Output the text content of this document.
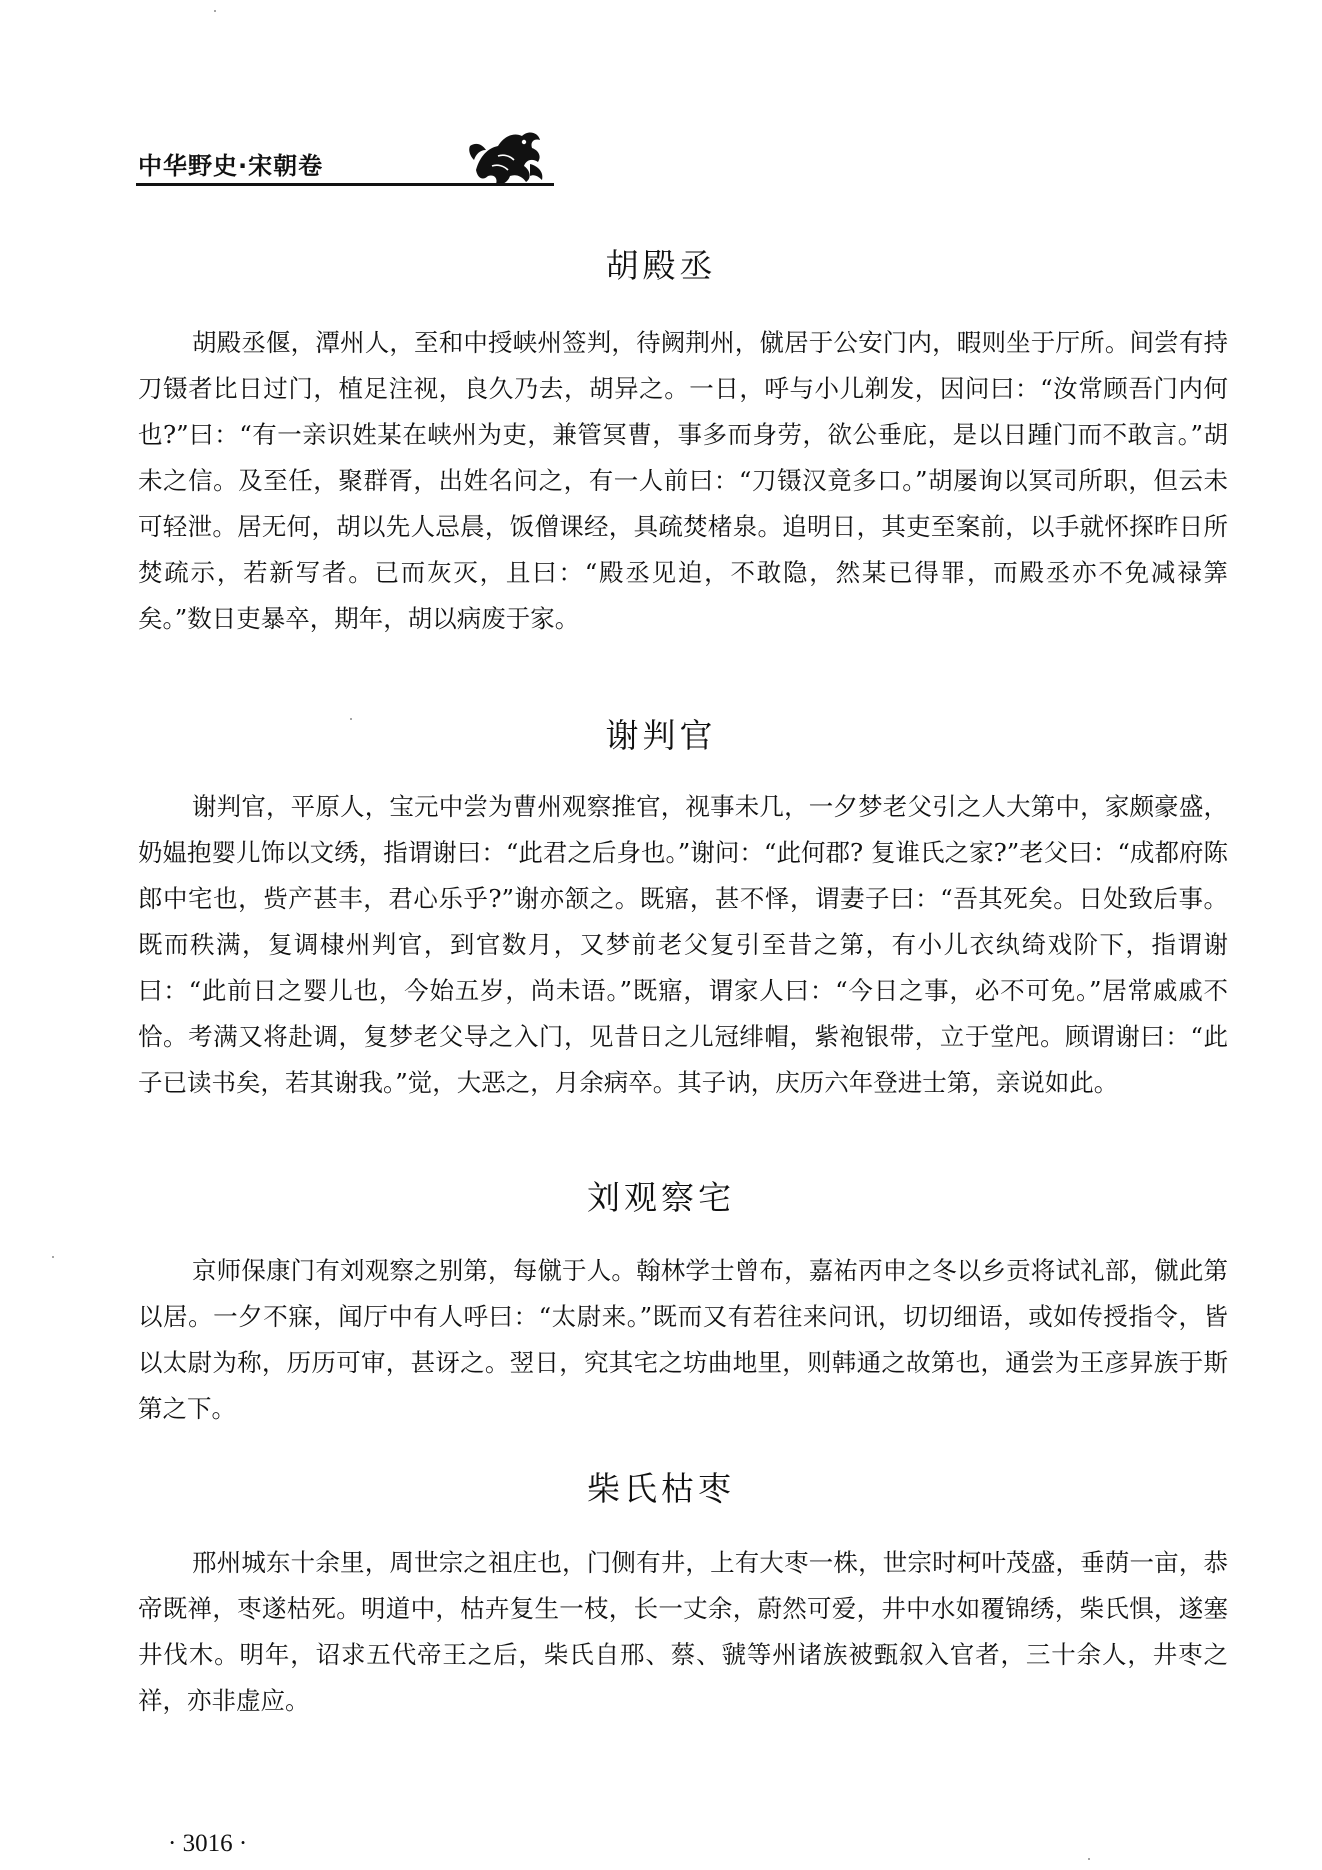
中华野史·宋朝卷
胡殿丞

胡殿丞偃，潭州人，至和中授峡州签判，待阙荆州，僦居于公安门内，暇则坐于厅所。间尝有持刀镊者比日过门，植足注视，良久乃去，胡异之。一日，呼与小儿剃发，因问曰：“汝常顾吾门内何也?”曰：“有一亲识姓某在峡州为吏，兼管冥曹，事多而身劳，欲公垂庇，是以日踵门而不敢言。”胡未之信。及至任，聚群胥，出姓名问之，有一人前曰：“刀镊汉竟多口。”胡屡询以冥司所职，但云未可轻泄。居无何，胡以先人忌晨，饭僧课经，具疏焚楮泉。追明日，其吏至案前，以手就怀探昨日所焚疏示，若新写者。已而灰灭，且曰：“殿丞见迫，不敢隐，然某已得罪，而殿丞亦不免减禄筭矣。”数日吏暴卒，期年，胡以病废于家。

谢判官

谢判官，平原人，宝元中尝为曹州观察推官，视事未几，一夕梦老父引之人大第中，家颇豪盛，奶媪抱婴儿饰以文绣，指谓谢曰：“此君之后身也。”谢问：“此何郡? 复谁氏之家?”老父曰：“成都府陈郎中宅也，赀产甚丰，君心乐乎?”谢亦颔之。既寤，甚不怿，谓妻子曰：“吾其死矣。日处致后事。既而秩满，复调棣州判官，到官数月，又梦前老父复引至昔之第，有小儿衣纨绮戏阶下，指谓谢曰：“此前日之婴儿也，今始五岁，尚未语。”既寤，谓家人曰：“今日之事，必不可免。”居常戚戚不恰。考满又将赴调，复梦老父导之入门，见昔日之儿冠绯帽，紫袍银带，立于堂戺。顾谓谢曰：“此子已读书矣，若其谢我。”觉，大恶之，月余病卒。其子讷，庆历六年登进士第，亲说如此。

刘观察宅

京师保康门有刘观察之别第，每僦于人。翰林学士曾布，嘉祐丙申之冬以乡贡将试礼部，僦此第以居。一夕不寐，闻厅中有人呼曰：“太尉来。”既而又有若往来问讯，切切细语，或如传授指令，皆以太尉为称，历历可审，甚讶之。翌日，究其宅之坊曲地里，则韩通之故第也，通尝为王彦昇族于斯第之下。

柴氏枯枣

邢州城东十余里，周世宗之祖庄也，门侧有井，上有大枣一株，世宗时柯叶茂盛，垂荫一亩，恭帝既禅，枣遂枯死。明道中，枯卉复生一枝，长一丈余，蔚然可爱，井中水如覆锦绣，柴氏惧，遂塞井伐木。明年，诏求五代帝王之后，柴氏自邢、蔡、虢等州诸族被甄叙入官者，三十余人，井枣之祥，亦非虚应。

· 3016 ·
